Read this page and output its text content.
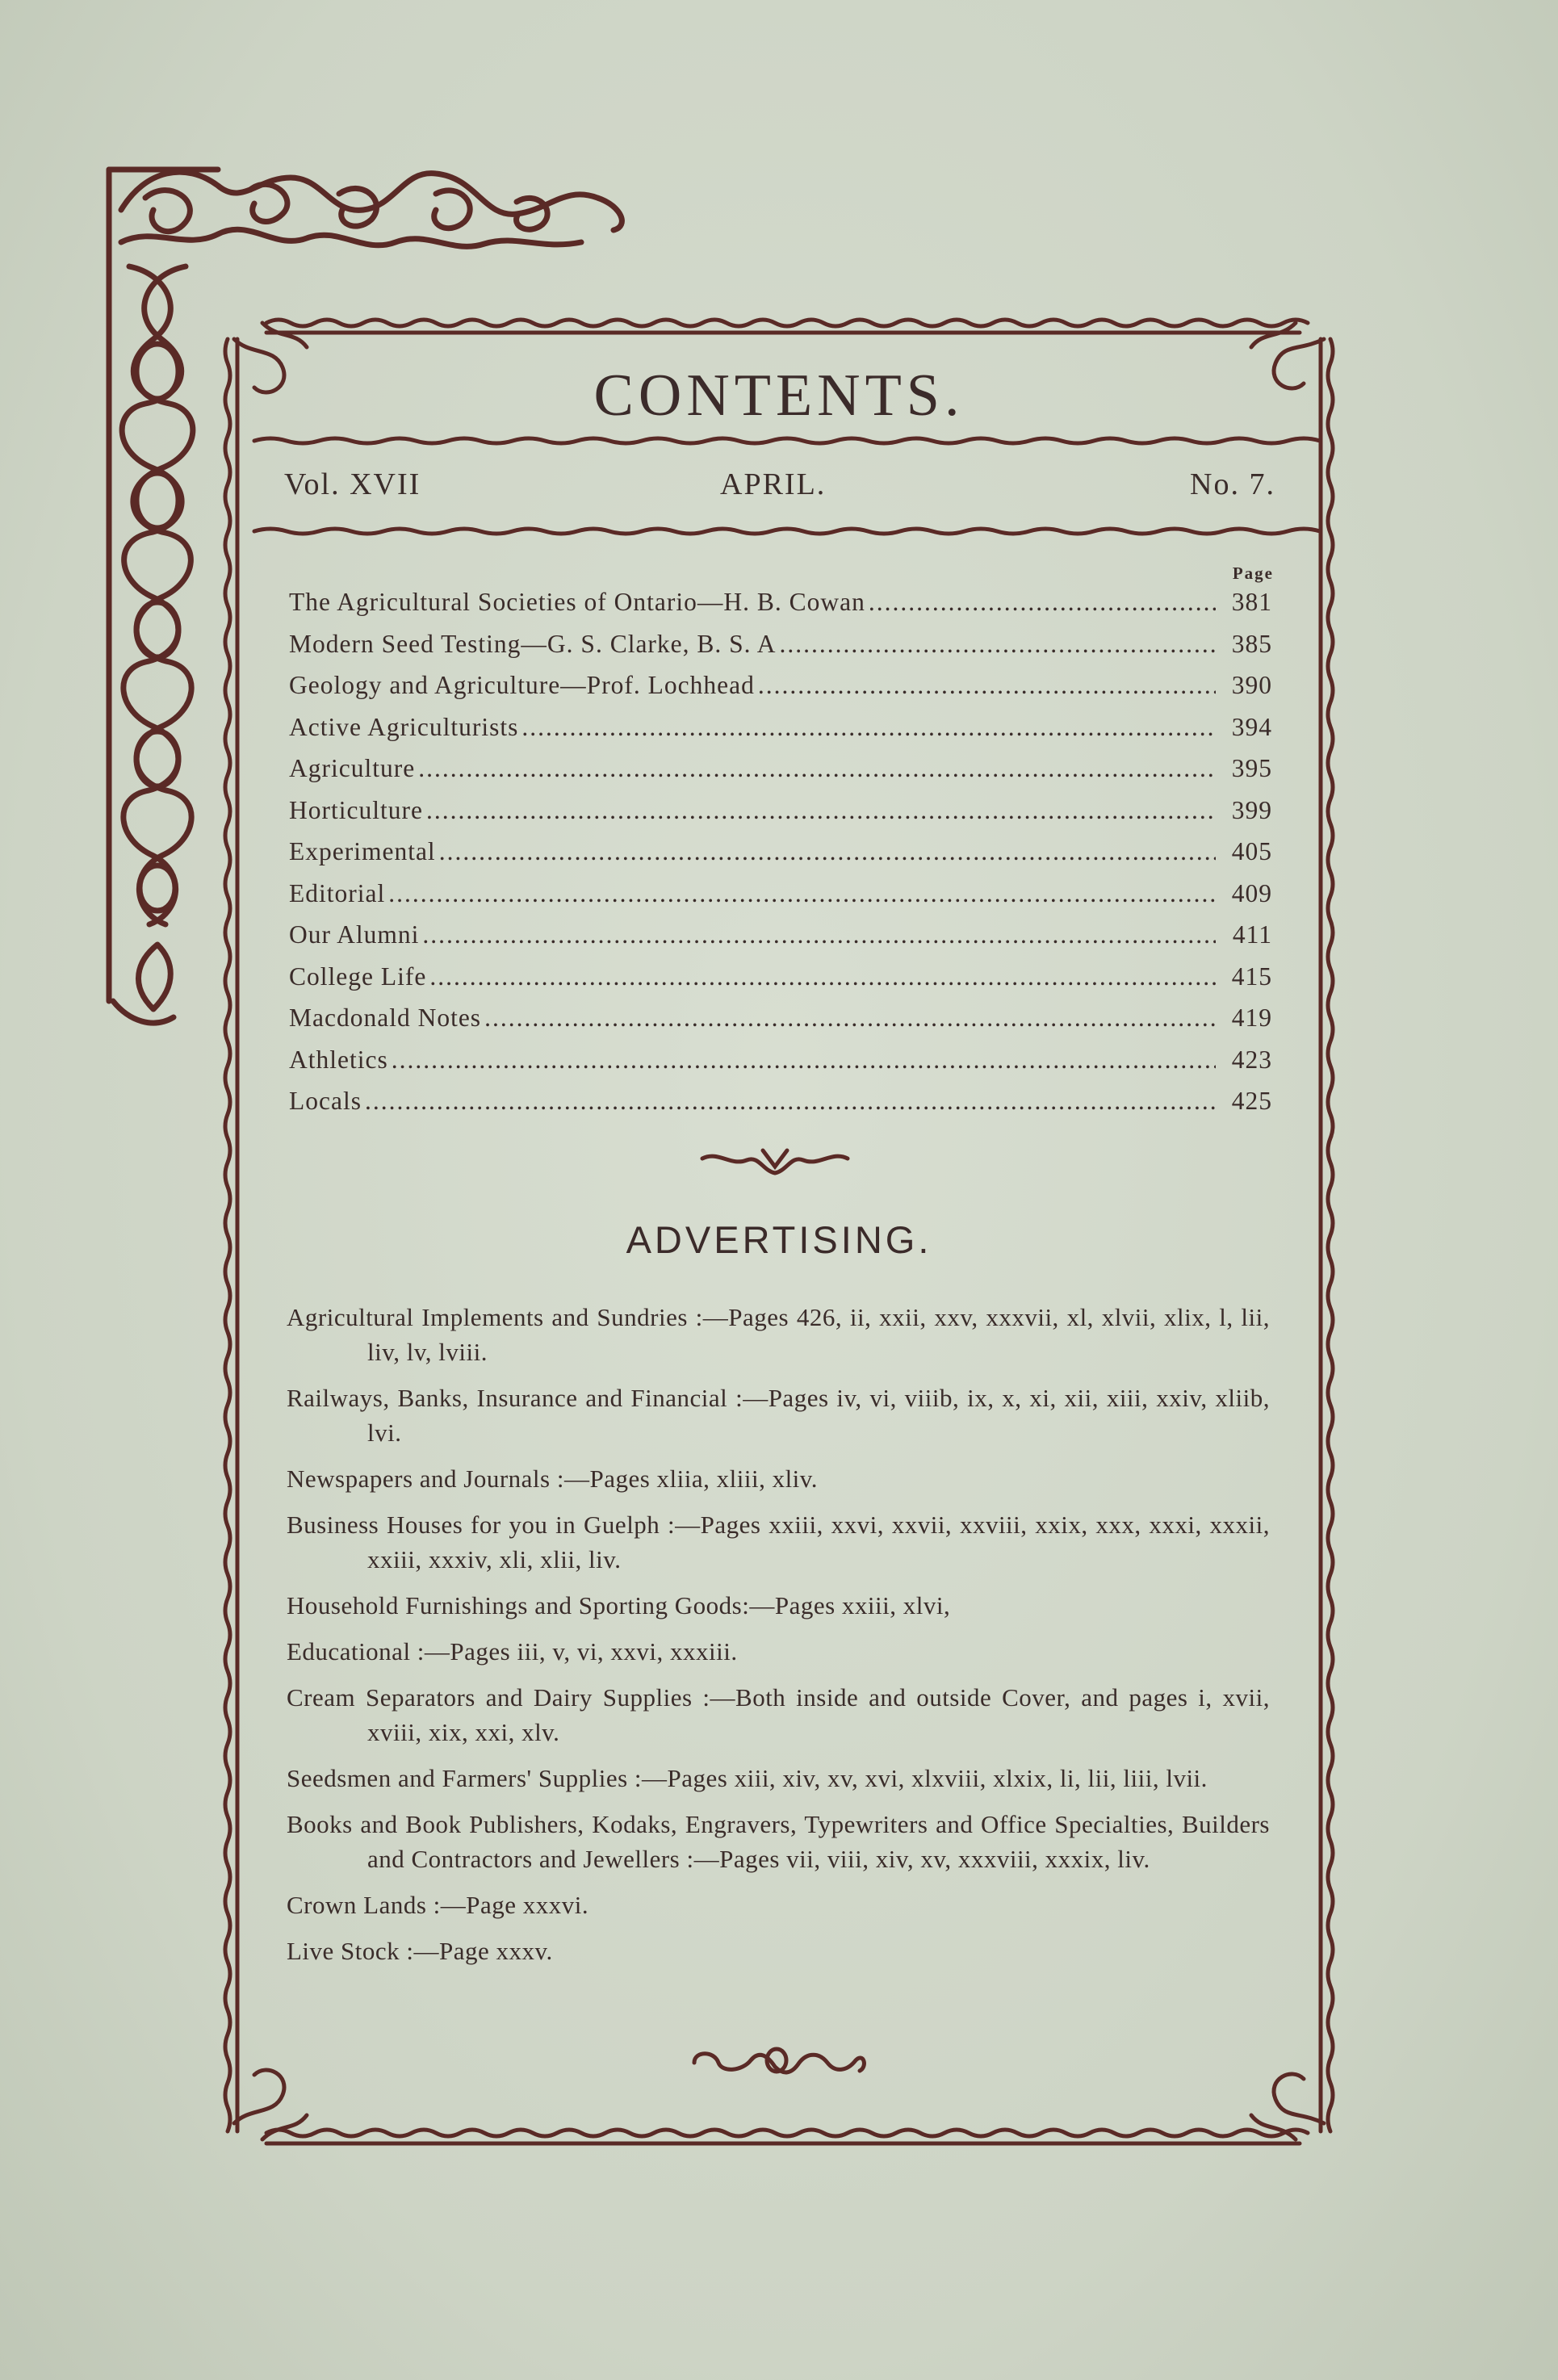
CONTENTS.
Vol. XVII	APRIL.	No. 7.
Page
The Agricultural Societies of Ontario—H. B. Cowan .....	381
Modern Seed Testing—G. S. Clarke, B. S. A .....	385
Geology and Agriculture—Prof. Lochhead .....	390
Active Agriculturists .....	394
Agriculture .....	395
Horticulture .....	399
Experimental .....	405
Editorial .....	409
Our Alumni .....	411
College Life .....	415
Macdonald Notes .....	419
Athletics .....	423
Locals .....	425
ADVERTISING.
Agricultural Implements and Sundries :—Pages 426, ii, xxii, xxv, xxxvii, xl, xlvii, xlix, l, lii, liv, lv, lviii.
Railways, Banks, Insurance and Financial :—Pages iv, vi, viiib, ix, x, xi, xii, xiii, xxiv, xliib, lvi.
Newspapers and Journals :—Pages xliia, xliii, xliv.
Business Houses for you in Guelph :—Pages xxiii, xxvi, xxvii, xxviii, xxix, xxx, xxxi, xxxii, xxiii, xxxiv, xli, xlii, liv.
Household Furnishings and Sporting Goods:—Pages xxiii, xlvi,
Educational :—Pages iii, v, vi, xxvi, xxxiii.
Cream Separators and Dairy Supplies :—Both inside and outside Cover, and pages i, xvii, xviii, xix, xxi, xlv.
Seedsmen and Farmers' Supplies :—Pages xiii, xiv, xv, xvi, xlxviii, xlxix, li, lii, liii, lvii.
Books and Book Publishers, Kodaks, Engravers, Typewriters and Office Specialties, Builders and Contractors and Jewellers :—Pages vii, viii, xiv, xv, xxxviii, xxxix, liv.
Crown Lands :—Page xxxvi.
Live Stock :—Page xxxv.
